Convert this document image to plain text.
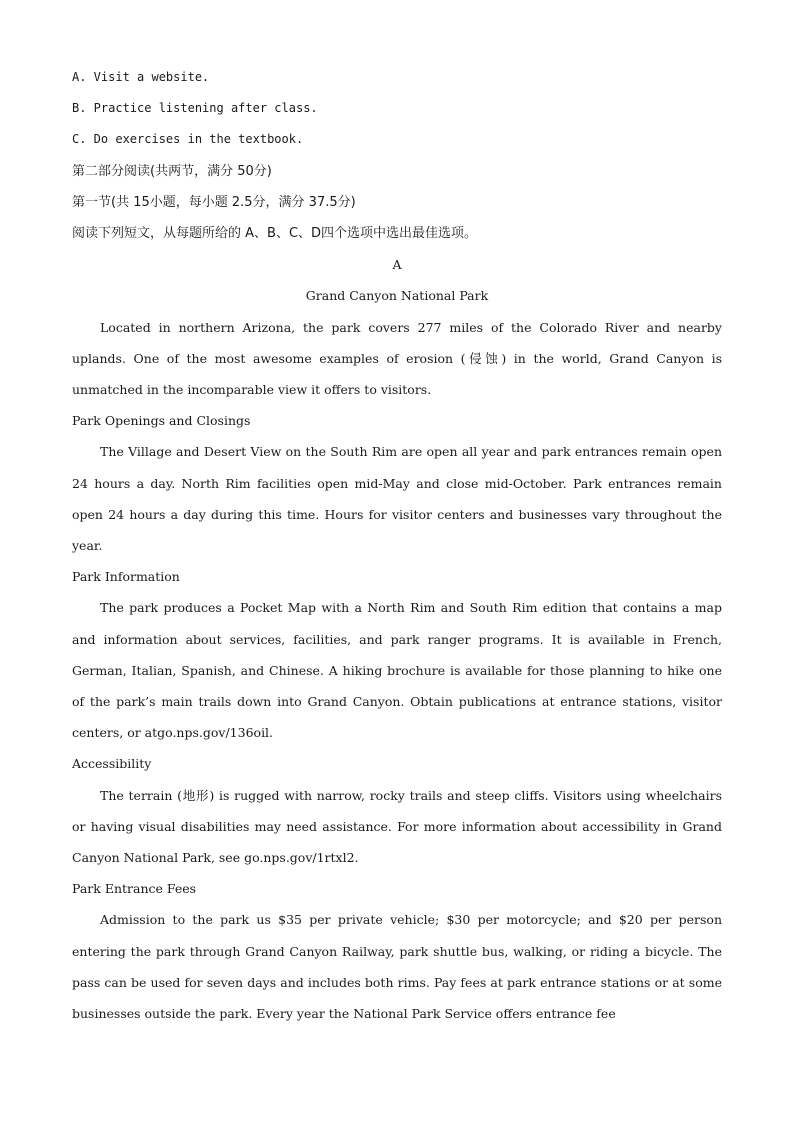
A. Visit a website.
B. Practice listening after class.
C. Do exercises in the textbook.
第二部分阅读(共两节，满分 50分)
第一节(共 15小题，每小题 2.5分，满分 37.5分)
阅读下列短文，从每题所给的 A、B、C、D四个选项中选出最佳选项。
A
Grand Canyon National Park

Located in northern Arizona, the park covers 277 miles of the Colorado River and nearby uplands. One of the most awesome examples of erosion (侵蚀) in the world, Grand Canyon is unmatched in the incomparable view it offers to visitors.

Park Openings and Closings

The Village and Desert View on the South Rim are open all year and park entrances remain open 24 hours a day. North Rim facilities open mid-May and close mid-October. Park entrances remain open 24 hours a day during this time. Hours for visitor centers and businesses vary throughout the year.

Park Information

The park produces a Pocket Map with a North Rim and South Rim edition that contains a map and information about services, facilities, and park ranger programs. It is available in French, German, Italian, Spanish, and Chinese. A hiking brochure is available for those planning to hike one of the park’s main trails down into Grand Canyon. Obtain publications at entrance stations, visitor centers, or atgo.nps.gov/136oil.

Accessibility

The terrain (地形) is rugged with narrow, rocky trails and steep cliffs. Visitors using wheelchairs or having visual disabilities may need assistance. For more information about accessibility in Grand Canyon National Park, see go.nps.gov/1rtxl2.

Park Entrance Fees

Admission to the park us $35 per private vehicle; $30 per motorcycle; and $20 per person entering the park through Grand Canyon Railway, park shuttle bus, walking, or riding a bicycle. The pass can be used for seven days and includes both rims. Pay fees at park entrance stations or at some businesses outside the park. Every year the National Park Service offers entrance fee
